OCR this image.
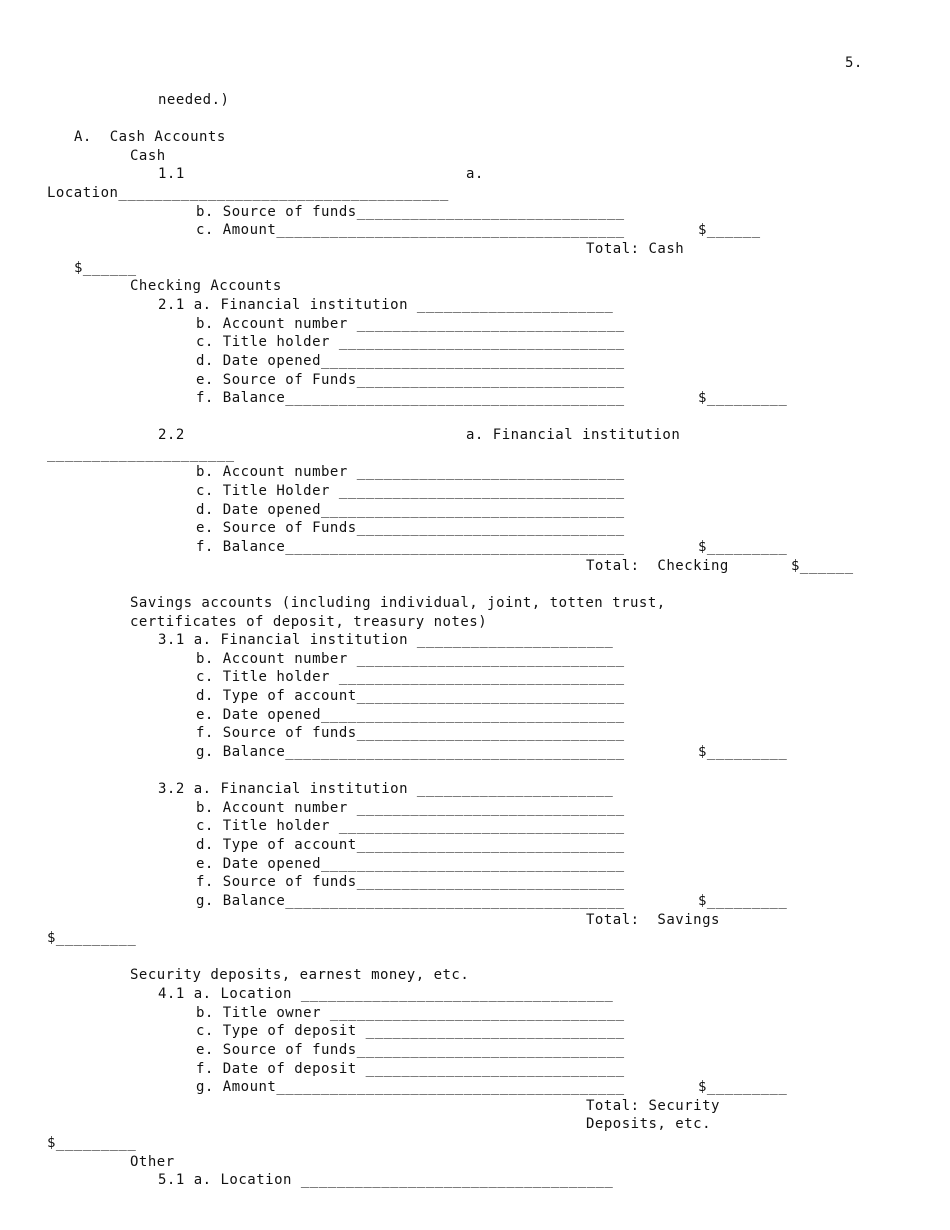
5.
needed.)
A.  Cash Accounts
Cash
1.1	a.
Location_____________________________________
b. Source of funds______________________________
c. Amount_______________________________________	$______
Total: Cash
$______
Checking Accounts
2.1 a. Financial institution ______________________
b. Account number ______________________________
c. Title holder ________________________________
d. Date opened__________________________________
e. Source of Funds______________________________
f. Balance______________________________________	$_________
2.2	a. Financial institution
_____________________
b. Account number ______________________________
c. Title Holder ________________________________
d. Date opened__________________________________
e. Source of Funds______________________________
f. Balance______________________________________	$_________
Total:  Checking	$______
Savings accounts (including individual, joint, totten trust,
certificates of deposit, treasury notes)
3.1 a. Financial institution ______________________
b. Account number ______________________________
c. Title holder ________________________________
d. Type of account______________________________
e. Date opened__________________________________
f. Source of funds______________________________
g. Balance______________________________________	$_________
3.2 a. Financial institution ______________________
b. Account number ______________________________
c. Title holder ________________________________
d. Type of account______________________________
e. Date opened__________________________________
f. Source of funds______________________________
g. Balance______________________________________	$_________
Total:  Savings
$_________
Security deposits, earnest money, etc.
4.1 a. Location ___________________________________
b. Title owner _________________________________
c. Type of deposit _____________________________
e. Source of funds______________________________
f. Date of deposit _____________________________
g. Amount_______________________________________	$_________
Total: Security
Deposits, etc.
$_________
Other
5.1 a. Location ___________________________________
